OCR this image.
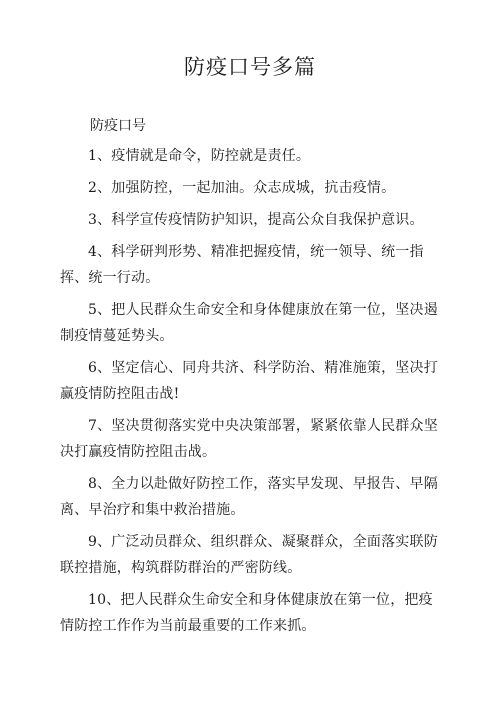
防疫口号多篇
防疫口号

1、疫情就是命令，防控就是责任。

2、加强防控，一起加油。众志成城，抗击疫情。

3、科学宣传疫情防护知识，提高公众自我保护意识。

4、科学研判形势、精准把握疫情，统一领导、统一指挥、统一行动。

5、把人民群众生命安全和身体健康放在第一位，坚决遏制疫情蔓延势头。

6、坚定信心、同舟共济、科学防治、精准施策，坚决打赢疫情防控阻击战!

7、坚决贯彻落实党中央决策部署，紧紧依靠人民群众坚决打赢疫情防控阻击战。

8、全力以赴做好防控工作，落实早发现、早报告、早隔离、早治疗和集中救治措施。

9、广泛动员群众、组织群众、凝聚群众，全面落实联防联控措施，构筑群防群治的严密防线。

10、把人民群众生命安全和身体健康放在第一位，把疫情防控工作作为当前最重要的工作来抓。
